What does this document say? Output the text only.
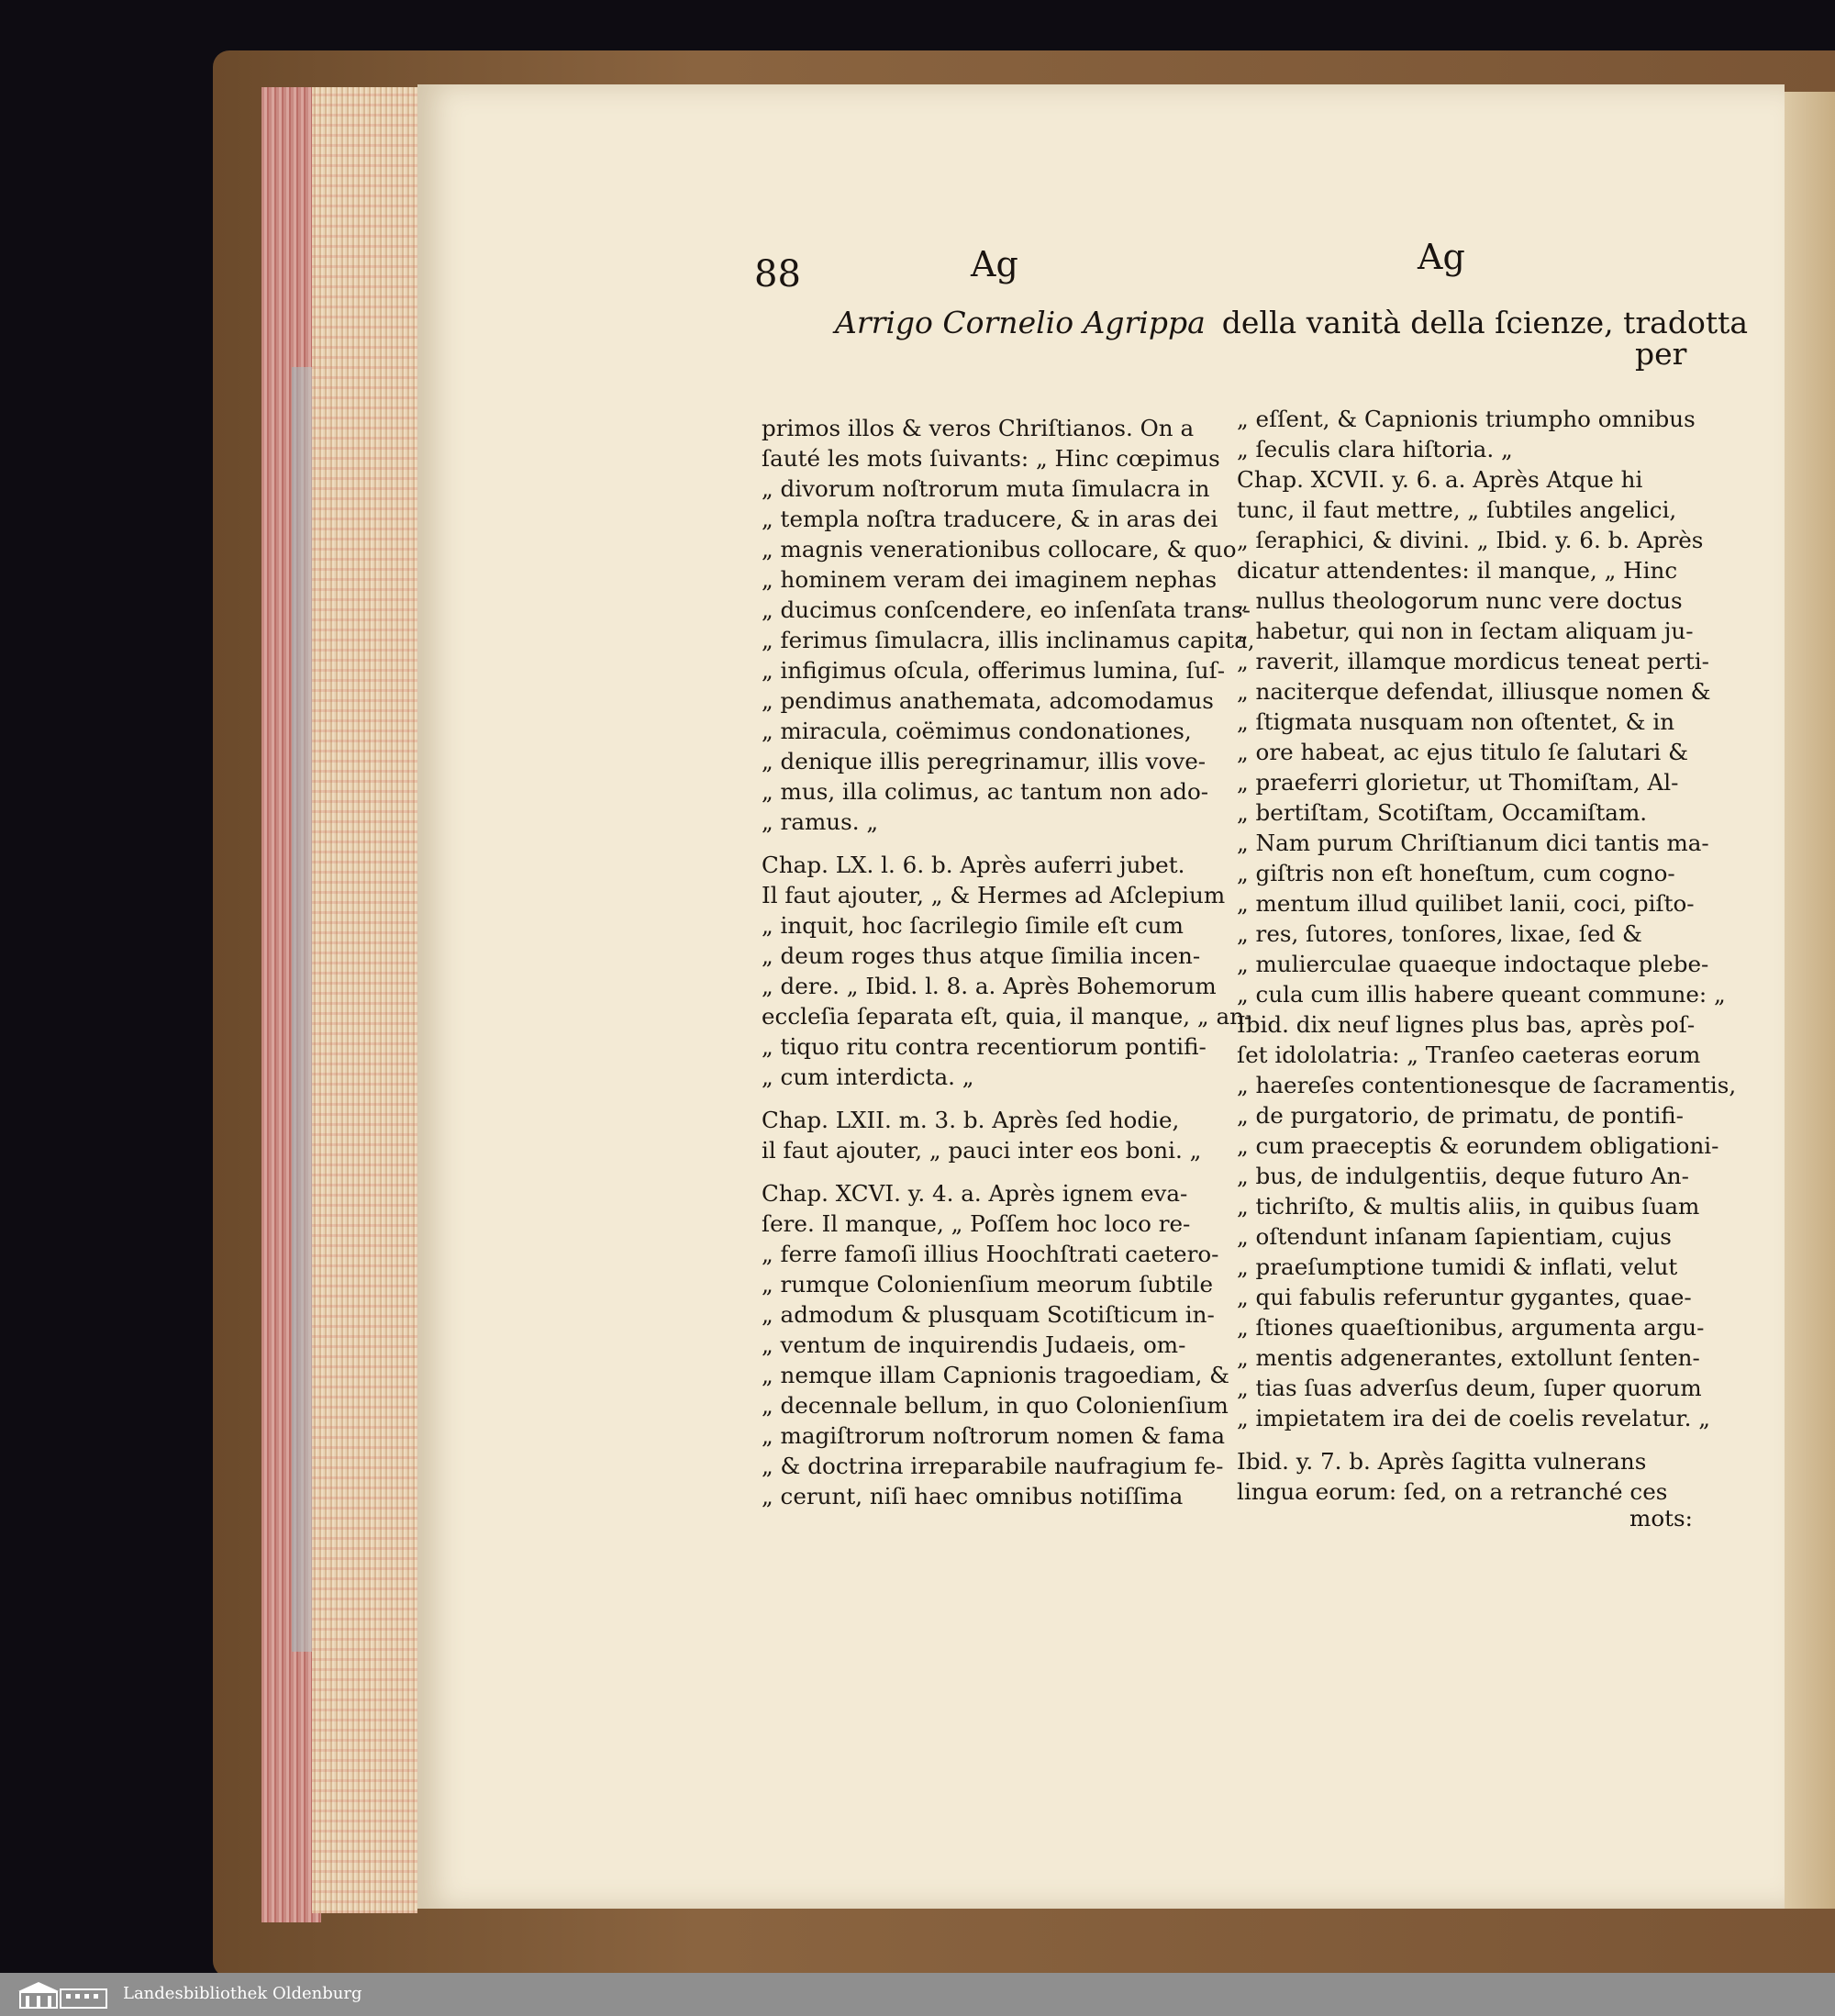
88	Ag	Ag
Arrigo Cornelio Agrippa della vanità della ſcienze, tradotta
per
primos illos & veros Chriſtianos. On a
ſauté les mots ſuivants: „ Hinc cœpimus
„ divorum noſtrorum muta ſimulacra in
„ templa noſtra traducere, & in aras dei
„ magnis venerationibus collocare, & quo
„ hominem veram dei imaginem nephas
„ ducimus conſcendere, eo inſenſata trans-
„ ferimus ſimulacra, illis inclinamus capita,
„ infigimus oſcula, offerimus lumina, ſuſ-
„ pendimus anathemata, adcomodamus
„ miracula, coëmimus condonationes,
„ denique illis peregrinamur, illis vove-
„ mus, illa colimus, ac tantum non ado-
„ ramus. „
Chap. LX. l. 6. b. Après auferri jubet.
Il faut ajouter, „ & Hermes ad Aſclepium
„ inquit, hoc ſacrilegio ſimile eſt cum
„ deum roges thus atque ſimilia incen-
„ dere. „ Ibid. l. 8. a. Après Bohemorum
eccleſia ſeparata eſt, quia, il manque, „ an-
„ tiquo ritu contra recentiorum pontifi-
„ cum interdicta. „
Chap. LXII. m. 3. b. Après ſed hodie,
il faut ajouter, „ pauci inter eos boni. „
Chap. XCVI. y. 4. a. Après ignem eva-
ſere. Il manque, „ Poſſem hoc loco re-
„ ferre famoſi illius Hoochſtrati caetero-
„ rumque Colonienſium meorum ſubtile
„ admodum & plusquam Scotiſticum in-
„ ventum de inquirendis Judaeis, om-
„ nemque illam Capnionis tragoediam, &
„ decennale bellum, in quo Colonienſium
„ magiſtrorum noſtrorum nomen & fama
„ & doctrina irreparabile naufragium fe-
„ cerunt, niſi haec omnibus notiſſima
„ eſſent, & Capnionis triumpho omnibus
„ ſeculis clara hiſtoria. „
Chap. XCVII. y. 6. a. Après Atque hi
tunc, il faut mettre, „ ſubtiles angelici,
„ ſeraphici, & divini. „ Ibid. y. 6. b. Après
dicatur attendentes: il manque, „ Hinc
„ nullus theologorum nunc vere doctus
„ habetur, qui non in ſectam aliquam ju-
„ raverit, illamque mordicus teneat perti-
„ naciterque defendat, illiusque nomen &
„ ſtigmata nusquam non oſtentet, & in
„ ore habeat, ac ejus titulo ſe ſalutari &
„ praeferri glorietur, ut Thomiſtam, Al-
„ bertiſtam, Scotiſtam, Occamiſtam.
„ Nam purum Chriſtianum dici tantis ma-
„ giſtris non eſt honeſtum, cum cogno-
„ mentum illud quilibet lanii, coci, piſto-
„ res, ſutores, tonſores, lixae, ſed &
„ mulierculae quaeque indoctaque plebe-
„ cula cum illis habere queant commune: „
Ibid. dix neuf lignes plus bas, après poſ-
ſet idololatria: „ Tranſeo caeteras eorum
„ haereſes contentionesque de ſacramentis,
„ de purgatorio, de primatu, de pontifi-
„ cum praeceptis & eorundem obligationi-
„ bus, de indulgentiis, deque futuro An-
„ tichriſto, & multis aliis, in quibus ſuam
„ oſtendunt inſanam ſapientiam, cujus
„ praeſumptione tumidi & inflati, velut
„ qui fabulis referuntur gygantes, quae-
„ ſtiones quaeſtionibus, argumenta argu-
„ mentis adgenerantes, extollunt ſenten-
„ tias ſuas adverſus deum, ſuper quorum
„ impietatem ira dei de coelis revelatur. „
Ibid. y. 7. b. Après ſagitta vulnerans
lingua eorum: ſed, on a retranché ces
mots:
Landesbibliothek Oldenburg
